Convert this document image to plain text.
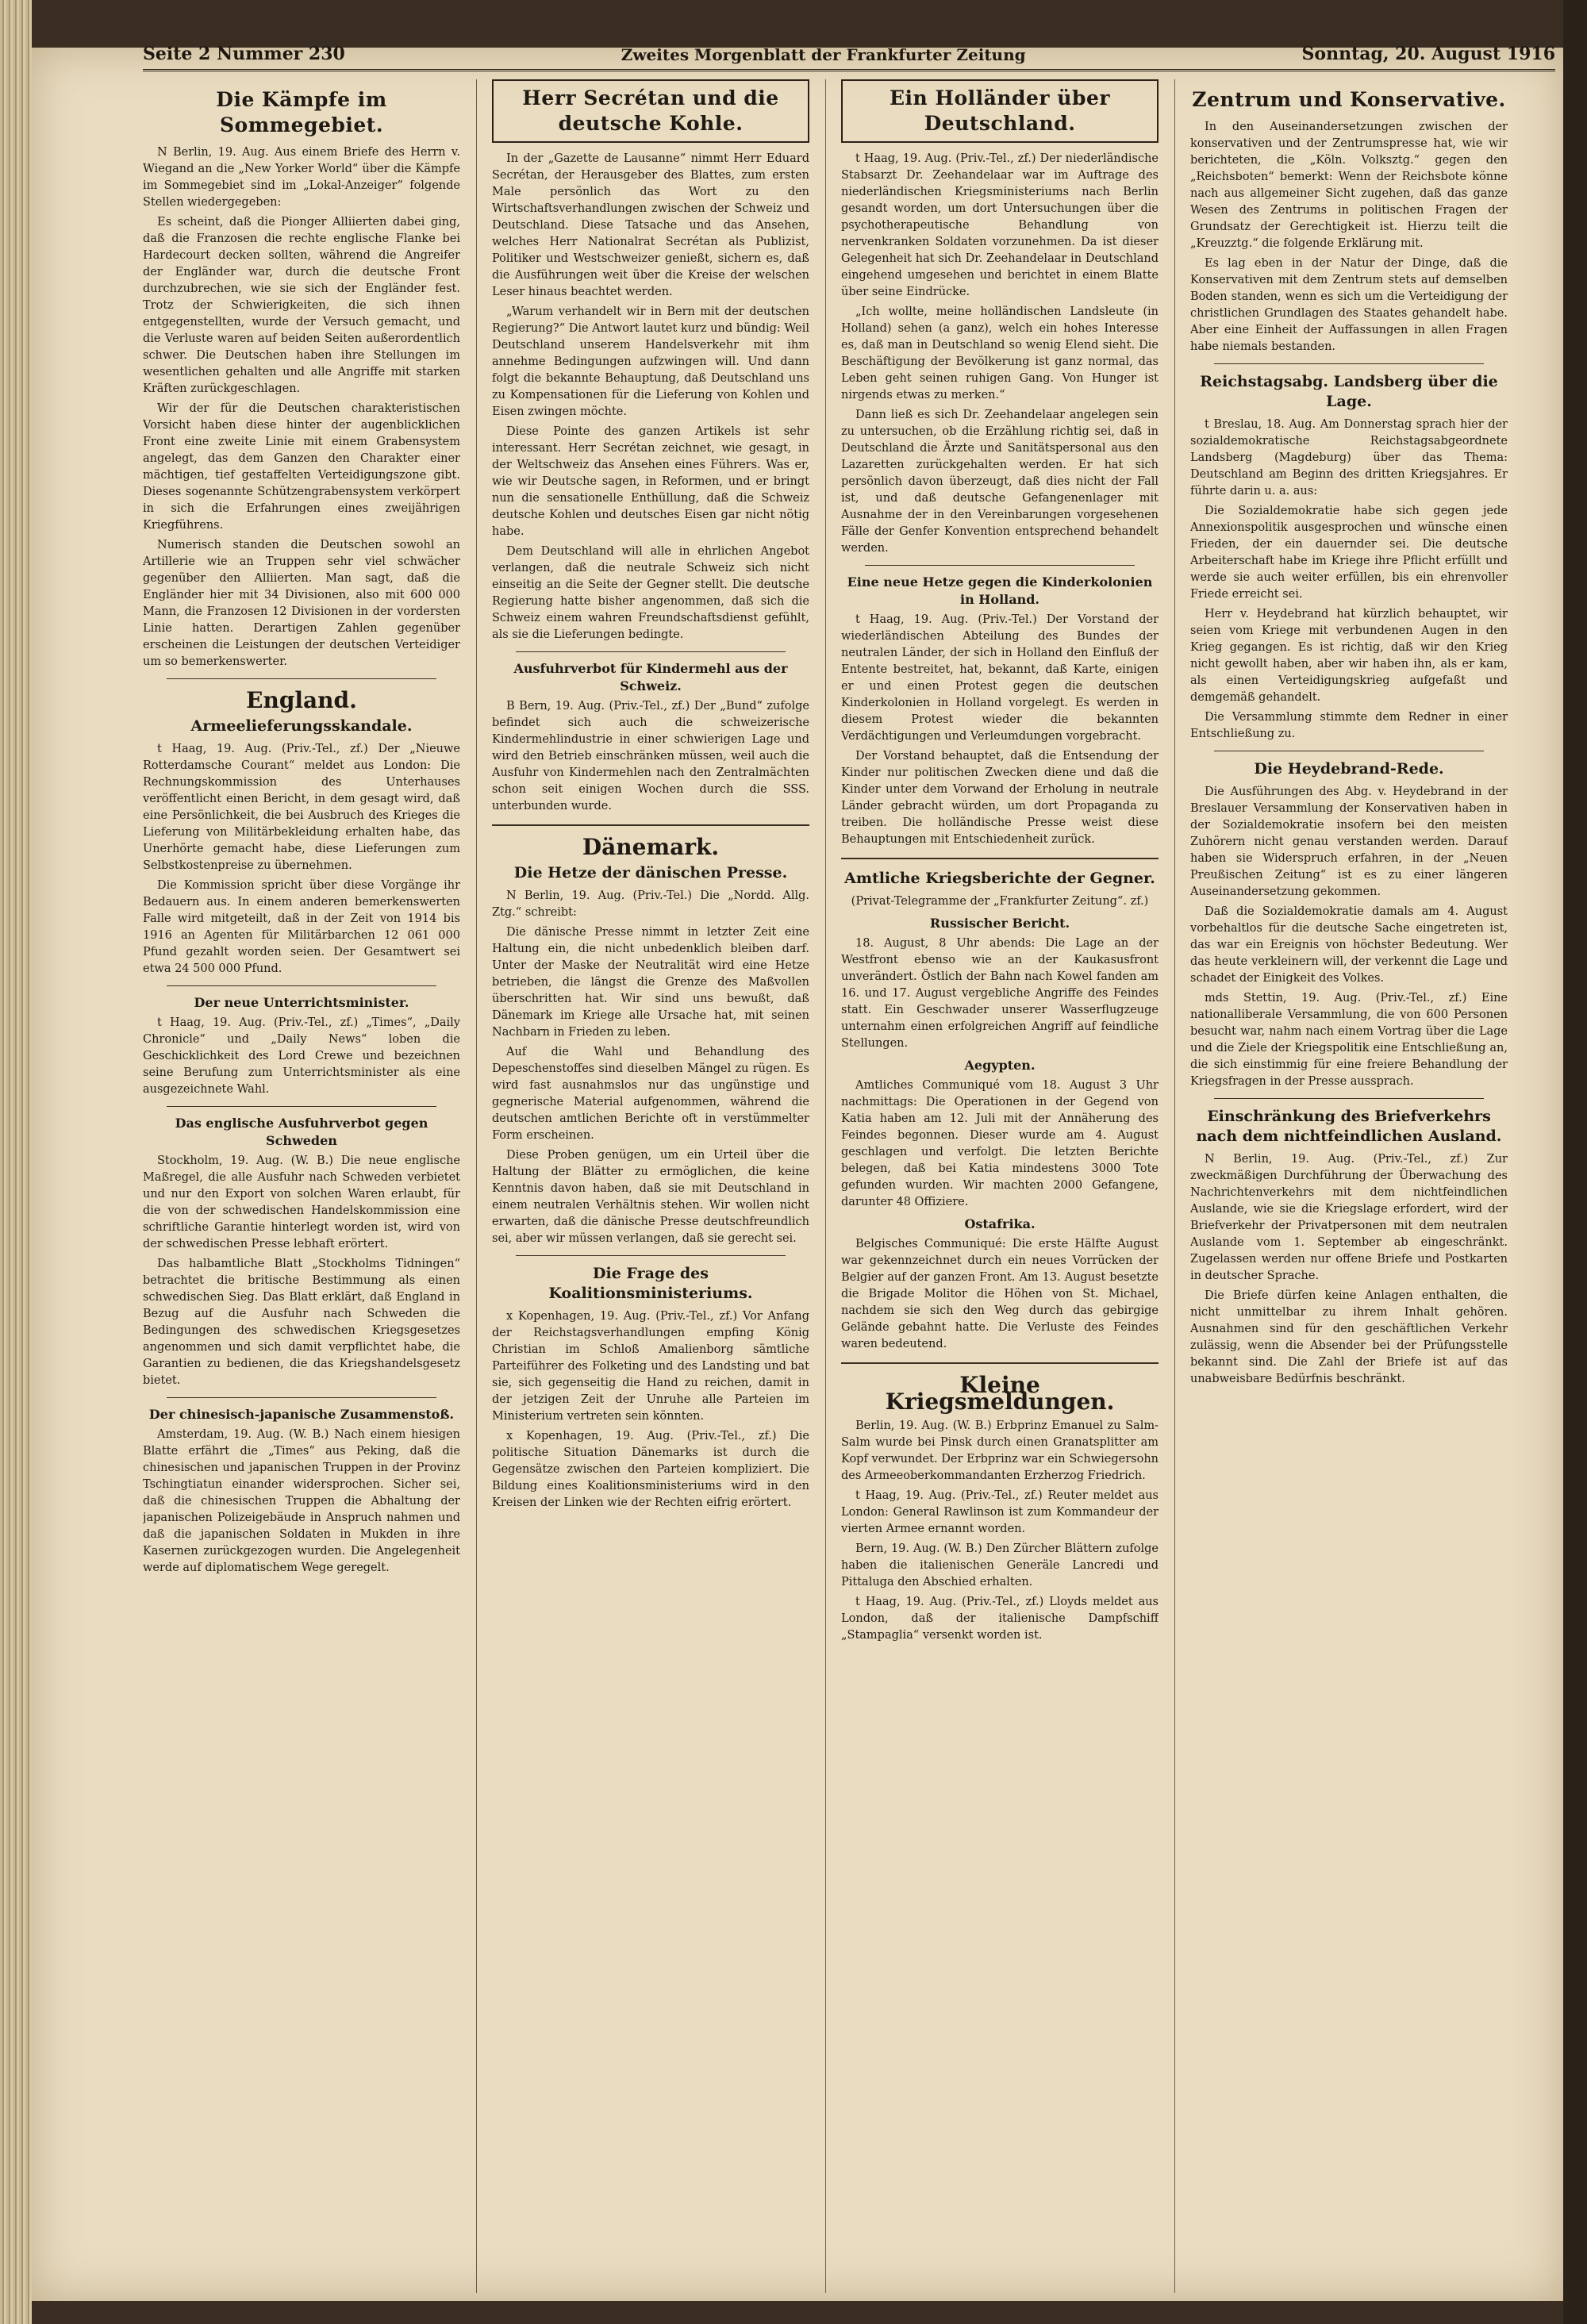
Seite 2 Nummer 230	Zweites Morgenblatt der Frankfurter Zeitung	Sonntag, 20. August 1916
Die Kämpfe im Sommegebiet.

N Berlin, 19. Aug. Aus einem Briefe des Herrn v. Wiegand an die „New Yorker World“ über die Kämpfe im Sommegebiet sind im „Lokal-Anzeiger“ folgende Stellen wiedergegeben:

Es scheint, daß die Pionger Alliierten dabei ging, daß die Franzosen die rechte englische Flanke bei Hardecourt decken sollten, während die Angreifer der Engländer war, durch die deutsche Front durchzubrechen, wie sie sich der Engländer fest. Trotz der Schwierigkeiten, die sich ihnen entgegenstellten, wurde der Versuch gemacht, und die Verluste waren auf beiden Seiten außerordentlich schwer. Die Deutschen haben ihre Stellungen im wesentlichen gehalten und alle Angriffe mit starken Kräften zurückgeschlagen.

Wir der für die Deutschen charakteristischen Vorsicht haben diese hinter der augenblicklichen Front eine zweite Linie mit einem Grabensystem angelegt, das dem Ganzen den Charakter einer mächtigen, tief gestaffelten Verteidigungszone gibt. Dieses sogenannte Schützengrabensystem verkörpert in sich die Erfahrungen eines zweijährigen Kriegführens.

Numerisch standen die Deutschen sowohl an Artillerie wie an Truppen sehr viel schwächer gegenüber den Alliierten. Man sagt, daß die Engländer hier mit 34 Divisionen, also mit 600 000 Mann, die Franzosen 12 Divisionen in der vordersten Linie hatten. Derartigen Zahlen gegenüber erscheinen die Leistungen der deutschen Verteidiger um so bemerkenswerter.

England.
Armeelieferungsskandale.

t Haag, 19. Aug. (Priv.-Tel., zf.) Der „Nieuwe Rotterdamsche Courant“ meldet aus London: Die Rechnungskommission des Unterhauses veröffentlicht einen Bericht, in dem gesagt wird, daß eine Persönlichkeit, die bei Ausbruch des Krieges die Lieferung von Militärbekleidung erhalten habe, das Unerhörte gemacht habe, diese Lieferungen zum Selbstkostenpreise zu übernehmen.

Die Kommission spricht über diese Vorgänge ihr Bedauern aus. In einem anderen bemerkenswerten Falle wird mitgeteilt, daß in der Zeit von 1914 bis 1916 an Agenten für Militärbarchen 12 061 000 Pfund gezahlt worden seien. Der Gesamtwert sei etwa 24 500 000 Pfund.

Der neue Unterrichtsminister.

t Haag, 19. Aug. (Priv.-Tel., zf.) „Times“, „Daily Chronicle“ und „Daily News“ loben die Geschicklichkeit des Lord Crewe und bezeichnen seine Berufung zum Unterrichtsminister als eine ausgezeichnete Wahl.

Das englische Ausfuhrverbot gegen Schweden

Stockholm, 19. Aug. (W. B.) Die neue englische Maßregel, die alle Ausfuhr nach Schweden verbietet und nur den Export von solchen Waren erlaubt, für die von der schwedischen Handelskommission eine schriftliche Garantie hinterlegt worden ist, wird von der schwedischen Presse lebhaft erörtert.

Das halbamtliche Blatt „Stockholms Tidningen“ betrachtet die britische Bestimmung als einen schwedischen Sieg. Das Blatt erklärt, daß England in Bezug auf die Ausfuhr nach Schweden die Bedingungen des schwedischen Kriegsgesetzes angenommen und sich damit verpflichtet habe, die Garantien zu bedienen, die das Kriegshandelsgesetz bietet.

Der chinesisch-japanische Zusammenstoß.

Amsterdam, 19. Aug. (W. B.) Nach einem hiesigen Blatte erfährt die „Times“ aus Peking, daß die chinesischen und japanischen Truppen in der Provinz Tschingtiatun einander widersprochen. Sicher sei, daß die chinesischen Truppen die Abhaltung der japanischen Polizeigebäude in Anspruch nahmen und daß die japanischen Soldaten in Mukden in ihre Kasernen zurückgezogen wurden. Die Angelegenheit werde auf diplomatischem Wege geregelt.

Herr Secrétan und die deutsche Kohle.

In der „Gazette de Lausanne“ nimmt Herr Eduard Secrétan, der Herausgeber des Blattes, zum ersten Male persönlich das Wort zu den Wirtschaftsverhandlungen zwischen der Schweiz und Deutschland. Diese Tatsache und das Ansehen, welches Herr Nationalrat Secrétan als Publizist, Politiker und Westschweizer genießt, sichern es, daß die Ausführungen weit über die Kreise der welschen Leser hinaus beachtet werden.

„Warum verhandelt wir in Bern mit der deutschen Regierung?“ Die Antwort lautet kurz und bündig: Weil Deutschland unserem Handelsverkehr mit ihm annehme Bedingungen aufzwingen will. Und dann folgt die bekannte Behauptung, daß Deutschland uns zu Kompensationen für die Lieferung von Kohlen und Eisen zwingen möchte.

Diese Pointe des ganzen Artikels ist sehr interessant. Herr Secrétan zeichnet, wie gesagt, in der Weltschweiz das Ansehen eines Führers. Was er, wie wir Deutsche sagen, in Reformen, und er bringt nun die sensationelle Enthüllung, daß die Schweiz deutsche Kohlen und deutsches Eisen gar nicht nötig habe.

Dem Deutschland will alle in ehrlichen Angebot verlangen, daß die neutrale Schweiz sich nicht einseitig an die Seite der Gegner stellt. Die deutsche Regierung hatte bisher angenommen, daß sich die Schweiz einem wahren Freundschaftsdienst gefühlt, als sie die Lieferungen bedingte.

Ausfuhrverbot für Kindermehl aus der Schweiz.

B Bern, 19. Aug. (Priv.-Tel., zf.) Der „Bund“ zufolge befindet sich auch die schweizerische Kindermehlindustrie in einer schwierigen Lage und wird den Betrieb einschränken müssen, weil auch die Ausfuhr von Kindermehlen nach den Zentralmächten schon seit einigen Wochen durch die SSS. unterbunden wurde.

Dänemark.
Die Hetze der dänischen Presse.

N Berlin, 19. Aug. (Priv.-Tel.) Die „Nordd. Allg. Ztg.“ schreibt:

Die dänische Presse nimmt in letzter Zeit eine Haltung ein, die nicht unbedenklich bleiben darf. Unter der Maske der Neutralität wird eine Hetze betrieben, die längst die Grenze des Maßvollen überschritten hat. Wir sind uns bewußt, daß Dänemark im Kriege alle Ursache hat, mit seinen Nachbarn in Frieden zu leben.

Auf die Wahl und Behandlung des Depeschenstoffes sind dieselben Mängel zu rügen. Es wird fast ausnahmslos nur das ungünstige und gegnerische Material aufgenommen, während die deutschen amtlichen Berichte oft in verstümmelter Form erscheinen.

Diese Proben genügen, um ein Urteil über die Haltung der Blätter zu ermöglichen, die keine Kenntnis davon haben, daß sie mit Deutschland in einem neutralen Verhältnis stehen. Wir wollen nicht erwarten, daß die dänische Presse deutschfreundlich sei, aber wir müssen verlangen, daß sie gerecht sei.

Die Frage des Koalitionsministeriums.

x Kopenhagen, 19. Aug. (Priv.-Tel., zf.) Vor Anfang der Reichstagsverhandlungen empfing König Christian im Schloß Amalienborg sämtliche Parteiführer des Folketing und des Landsting und bat sie, sich gegenseitig die Hand zu reichen, damit in der jetzigen Zeit der Unruhe alle Parteien im Ministerium vertreten sein könnten.

x Kopenhagen, 19. Aug. (Priv.-Tel., zf.) Die politische Situation Dänemarks ist durch die Gegensätze zwischen den Parteien kompliziert. Die Bildung eines Koalitionsministeriums wird in den Kreisen der Linken wie der Rechten eifrig erörtert.

Ein Holländer über Deutschland.

t Haag, 19. Aug. (Priv.-Tel., zf.) Der niederländische Stabsarzt Dr. Zeehandelaar war im Auftrage des niederländischen Kriegsministeriums nach Berlin gesandt worden, um dort Untersuchungen über die psychotherapeutische Behandlung von nervenkranken Soldaten vorzunehmen. Da ist dieser Gelegenheit hat sich Dr. Zeehandelaar in Deutschland eingehend umgesehen und berichtet in einem Blatte über seine Eindrücke.

„Ich wollte, meine holländischen Landsleute (in Holland) sehen (a ganz), welch ein hohes Interesse es, daß man in Deutschland so wenig Elend sieht. Die Beschäftigung der Bevölkerung ist ganz normal, das Leben geht seinen ruhigen Gang. Von Hunger ist nirgends etwas zu merken.“

Dann ließ es sich Dr. Zeehandelaar angelegen sein zu untersuchen, ob die Erzählung richtig sei, daß in Deutschland die Ärzte und Sanitätspersonal aus den Lazaretten zurückgehalten werden. Er hat sich persönlich davon überzeugt, daß dies nicht der Fall ist, und daß deutsche Gefangenenlager mit Ausnahme der in den Vereinbarungen vorgesehenen Fälle der Genfer Konvention entsprechend behandelt werden.

Eine neue Hetze gegen die Kinderkolonien in Holland.

t Haag, 19. Aug. (Priv.-Tel.) Der Vorstand der wiederländischen Abteilung des Bundes der neutralen Länder, der sich in Holland den Einfluß der Entente bestreitet, hat, bekannt, daß Karte, einigen er und einen Protest gegen die deutschen Kinderkolonien in Holland vorgelegt. Es werden in diesem Protest wieder die bekannten Verdächtigungen und Verleumdungen vorgebracht.

Der Vorstand behauptet, daß die Entsendung der Kinder nur politischen Zwecken diene und daß die Kinder unter dem Vorwand der Erholung in neutrale Länder gebracht würden, um dort Propaganda zu treiben. Die holländische Presse weist diese Behauptungen mit Entschiedenheit zurück.

Amtliche Kriegsberichte der Gegner.

(Privat-Telegramme der „Frankfurter Zeitung“. zf.)

Russischer Bericht.

18. August, 8 Uhr abends: Die Lage an der Westfront ebenso wie an der Kaukasusfront unverändert. Östlich der Bahn nach Kowel fanden am 16. und 17. August vergebliche Angriffe des Feindes statt. Ein Geschwader unserer Wasserflugzeuge unternahm einen erfolgreichen Angriff auf feindliche Stellungen.

Aegypten.

Amtliches Communiqué vom 18. August 3 Uhr nachmittags: Die Operationen in der Gegend von Katia haben am 12. Juli mit der Annäherung des Feindes begonnen. Dieser wurde am 4. August geschlagen und verfolgt. Die letzten Berichte belegen, daß bei Katia mindestens 3000 Tote gefunden wurden. Wir machten 2000 Gefangene, darunter 48 Offiziere.

Ostafrika.

Belgisches Communiqué: Die erste Hälfte August war gekennzeichnet durch ein neues Vorrücken der Belgier auf der ganzen Front. Am 13. August besetzte die Brigade Molitor die Höhen von St. Michael, nachdem sie sich den Weg durch das gebirgige Gelände gebahnt hatte. Die Verluste des Feindes waren bedeutend.

Kleine Kriegsmeldungen.

Berlin, 19. Aug. (W. B.) Erbprinz Emanuel zu Salm-Salm wurde bei Pinsk durch einen Granatsplitter am Kopf verwundet. Der Erbprinz war ein Schwiegersohn des Armeeoberkommandanten Erzherzog Friedrich.

t Haag, 19. Aug. (Priv.-Tel., zf.) Reuter meldet aus London: General Rawlinson ist zum Kommandeur der vierten Armee ernannt worden.

Bern, 19. Aug. (W. B.) Den Zürcher Blättern zufolge haben die italienischen Generäle Lancredi und Pittaluga den Abschied erhalten.

t Haag, 19. Aug. (Priv.-Tel., zf.) Lloyds meldet aus London, daß der italienische Dampfschiff „Stampaglia“ versenkt worden ist.

Zentrum und Konservative.

In den Auseinandersetzungen zwischen der konservativen und der Zentrumspresse hat, wie wir berichteten, die „Köln. Volksztg.“ gegen den „Reichsboten“ bemerkt: Wenn der Reichsbote könne nach aus allgemeiner Sicht zugehen, daß das ganze Wesen des Zentrums in politischen Fragen der Grundsatz der Gerechtigkeit ist. Hierzu teilt die „Kreuzztg.“ die folgende Erklärung mit.

Es lag eben in der Natur der Dinge, daß die Konservativen mit dem Zentrum stets auf demselben Boden standen, wenn es sich um die Verteidigung der christlichen Grundlagen des Staates gehandelt habe. Aber eine Einheit der Auffassungen in allen Fragen habe niemals bestanden.

Reichstagsabg. Landsberg über die Lage.

t Breslau, 18. Aug. Am Donnerstag sprach hier der sozialdemokratische Reichstagsabgeordnete Landsberg (Magdeburg) über das Thema: Deutschland am Beginn des dritten Kriegsjahres. Er führte darin u. a. aus:

Die Sozialdemokratie habe sich gegen jede Annexionspolitik ausgesprochen und wünsche einen Frieden, der ein dauernder sei. Die deutsche Arbeiterschaft habe im Kriege ihre Pflicht erfüllt und werde sie auch weiter erfüllen, bis ein ehrenvoller Friede erreicht sei.

Herr v. Heydebrand hat kürzlich behauptet, wir seien vom Kriege mit verbundenen Augen in den Krieg gegangen. Es ist richtig, daß wir den Krieg nicht gewollt haben, aber wir haben ihn, als er kam, als einen Verteidigungskrieg aufgefaßt und demgemäß gehandelt.

Die Versammlung stimmte dem Redner in einer Entschließung zu.

Die Heydebrand-Rede.

Die Ausführungen des Abg. v. Heydebrand in der Breslauer Versammlung der Konservativen haben in der Sozialdemokratie insofern bei den meisten Zuhörern nicht genau verstanden werden. Darauf haben sie Widerspruch erfahren, in der „Neuen Preußischen Zeitung“ ist es zu einer längeren Auseinandersetzung gekommen.

Daß die Sozialdemokratie damals am 4. August vorbehaltlos für die deutsche Sache eingetreten ist, das war ein Ereignis von höchster Bedeutung. Wer das heute verkleinern will, der verkennt die Lage und schadet der Einigkeit des Volkes.

mds Stettin, 19. Aug. (Priv.-Tel., zf.) Eine nationalliberale Versammlung, die von 600 Personen besucht war, nahm nach einem Vortrag über die Lage und die Ziele der Kriegspolitik eine Entschließung an, die sich einstimmig für eine freiere Behandlung der Kriegsfragen in der Presse aussprach.

Einschränkung des Briefverkehrs nach dem nichtfeindlichen Ausland.

N Berlin, 19. Aug. (Priv.-Tel., zf.) Zur zweckmäßigen Durchführung der Überwachung des Nachrichtenverkehrs mit dem nichtfeindlichen Auslande, wie sie die Kriegslage erfordert, wird der Briefverkehr der Privatpersonen mit dem neutralen Auslande vom 1. September ab eingeschränkt. Zugelassen werden nur offene Briefe und Postkarten in deutscher Sprache.

Die Briefe dürfen keine Anlagen enthalten, die nicht unmittelbar zu ihrem Inhalt gehören. Ausnahmen sind für den geschäftlichen Verkehr zulässig, wenn die Absender bei der Prüfungsstelle bekannt sind. Die Zahl der Briefe ist auf das unabweisbare Bedürfnis beschränkt.
